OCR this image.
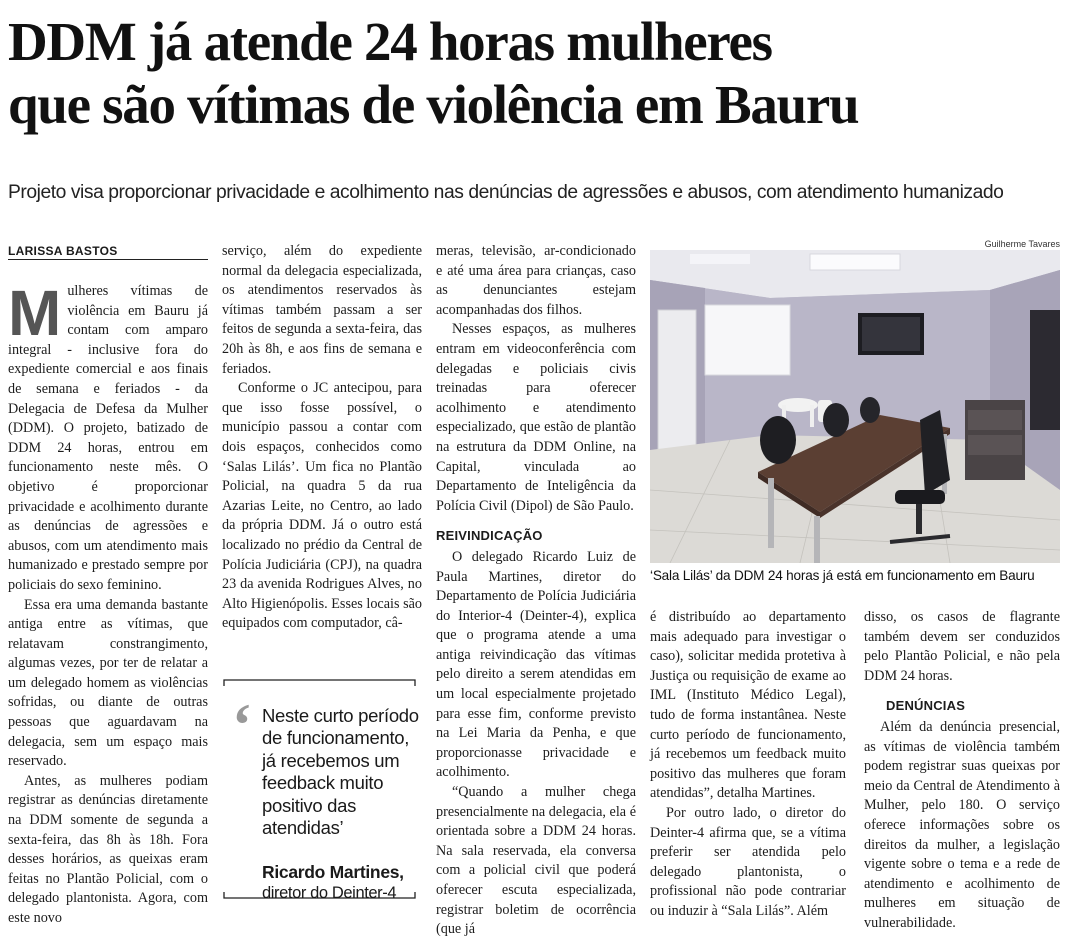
DDM já atende 24 horas mulheres
que são vítimas de violência em Bauru

Projeto visa proporcionar privacidade e acolhimento nas denúncias de agressões e abusos, com atendimento humanizado

LARISSA BASTOS

Mulheres vítimas de violência em Bauru já contam com amparo integral - inclusive fora do expediente comercial e aos finais de semana e feriados - da Delegacia de Defesa da Mulher (DDM). O projeto, batizado de DDM 24 horas, entrou em funcionamento neste mês. O objetivo é proporcionar privacidade e acolhimento durante as denúncias de agressões e abusos, com um atendimento mais humanizado e prestado sempre por policiais do sexo feminino.

Essa era uma demanda bastante antiga entre as vítimas, que relatavam constrangimento, algumas vezes, por ter de relatar a um delegado homem as violências sofridas, ou diante de outras pessoas que aguardavam na delegacia, sem um espaço mais reservado.

Antes, as mulheres podiam registrar as denúncias diretamente na DDM somente de segunda a sexta-feira, das 8h às 18h. Fora desses horários, as queixas eram feitas no Plantão Policial, com o delegado plantonista. Agora, com este novo

serviço, além do expediente normal da delegacia especializada, os atendimentos reservados às vítimas também passam a ser feitos de segunda a sexta-feira, das 20h às 8h, e aos fins de semana e feriados.

Conforme o JC antecipou, para que isso fosse possível, o município passou a contar com dois espaços, conhecidos como ‘Salas Lilás’. Um fica no Plantão Policial, na quadra 5 da rua Azarias Leite, no Centro, ao lado da própria DDM. Já o outro está localizado no prédio da Central de Polícia Judiciária (CPJ), na quadra 23 da avenida Rodrigues Alves, no Alto Higienópolis. Esses locais são equipados com computador, câ-

‘ Neste curto período de funcionamento, já recebemos um feedback muito positivo das atendidas’
Ricardo Martines,
diretor do Deinter-4

meras, televisão, ar-condicionado e até uma área para crianças, caso as denunciantes estejam acompanhadas dos filhos.

Nesses espaços, as mulheres entram em videoconferência com delegadas e policiais civis treinadas para oferecer acolhimento e atendimento especializado, que estão de plantão na estrutura da DDM Online, na Capital, vinculada ao Departamento de Inteligência da Polícia Civil (Dipol) de São Paulo.

REIVINDICAÇÃO

O delegado Ricardo Luiz de Paula Martines, diretor do Departamento de Polícia Judiciária do Interior-4 (Deinter-4), explica que o programa atende a uma antiga reivindicação das vítimas pelo direito a serem atendidas em um local especialmente projetado para esse fim, conforme previsto na Lei Maria da Penha, e que proporcionasse privacidade e acolhimento.

“Quando a mulher chega presencialmente na delegacia, ela é orientada sobre a DDM 24 horas. Na sala reservada, ela conversa com a policial civil que poderá oferecer escuta especializada, registrar boletim de ocorrência (que já

Guilherme Tavares
‘Sala Lilás’ da DDM 24 horas já está em funcionamento em Bauru

é distribuído ao departamento mais adequado para investigar o caso), solicitar medida protetiva à Justiça ou requisição de exame ao IML (Instituto Médico Legal), tudo de forma instantânea. Neste curto período de funcionamento, já recebemos um feedback muito positivo das mulheres que foram atendidas”, detalha Martines.

Por outro lado, o diretor do Deinter-4 afirma que, se a vítima preferir ser atendida pelo delegado plantonista, o profissional não pode contrariar ou induzir à “Sala Lilás”. Além

disso, os casos de flagrante também devem ser conduzidos pelo Plantão Policial, e não pela DDM 24 horas.

DENÚNCIAS

Além da denúncia presencial, as vítimas de violência também podem registrar suas queixas por meio da Central de Atendimento à Mulher, pelo 180. O serviço oferece informações sobre os direitos da mulher, a legislação vigente sobre o tema e a rede de atendimento e acolhimento de mulheres em situação de vulnerabilidade.
